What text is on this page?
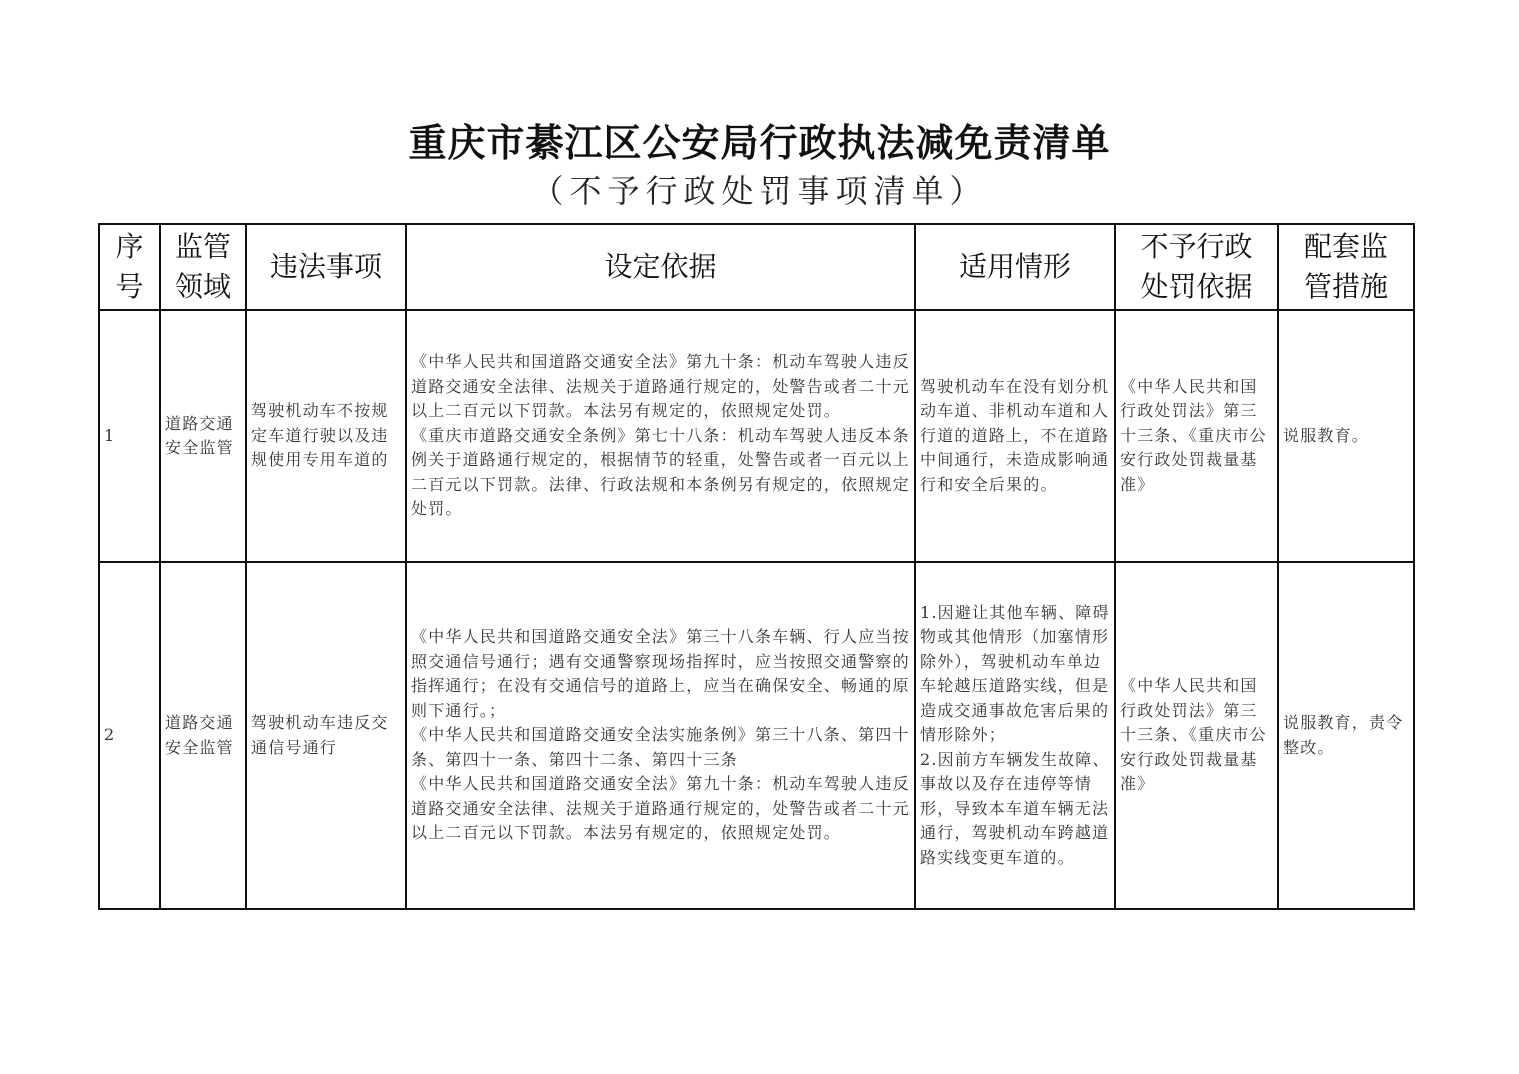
重庆市綦江区公安局行政执法减免责清单
（不予行政处罚事项清单）
序号	监管领域	违法事项	设定依据	适用情形	不予行政处罚依据	配套监管措施

1	道路交通安全监管	驾驶机动车不按规定车道行驶以及违规使用专用车道的	《中华人民共和国道路交通安全法》第九十条：机动车驾驶人违反道路交通安全法律、法规关于道路通行规定的，处警告或者二十元以上二百元以下罚款。本法另有规定的，依照规定处罚。
《重庆市道路交通安全条例》第七十八条：机动车驾驶人违反本条例关于道路通行规定的，根据情节的轻重，处警告或者一百元以上二百元以下罚款。法律、行政法规和本条例另有规定的，依照规定处罚。	驾驶机动车在没有划分机动车道、非机动车道和人行道的道路上，不在道路中间通行，未造成影响通行和安全后果的。	《中华人民共和国行政处罚法》第三十三条、《重庆市公安行政处罚裁量基准》	说服教育。
2	道路交通安全监管	驾驶机动车违反交通信号通行	《中华人民共和国道路交通安全法》第三十八条车辆、行人应当按照交通信号通行；遇有交通警察现场指挥时，应当按照交通警察的指挥通行；在没有交通信号的道路上，应当在确保安全、畅通的原则下通行。；
《中华人民共和国道路交通安全法实施条例》第三十八条、第四十条、第四十一条、第四十二条、第四十三条
《中华人民共和国道路交通安全法》第九十条：机动车驾驶人违反道路交通安全法律、法规关于道路通行规定的，处警告或者二十元以上二百元以下罚款。本法另有规定的，依照规定处罚。	1.因避让其他车辆、障碍物或其他情形（加塞情形除外），驾驶机动车单边车轮越压道路实线，但是造成交通事故危害后果的情形除外；
2.因前方车辆发生故障、事故以及存在违停等情形，导致本车道车辆无法通行，驾驶机动车跨越道路实线变更车道的。	《中华人民共和国行政处罚法》第三十三条、《重庆市公安行政处罚裁量基准》	说服教育，责令整改。
